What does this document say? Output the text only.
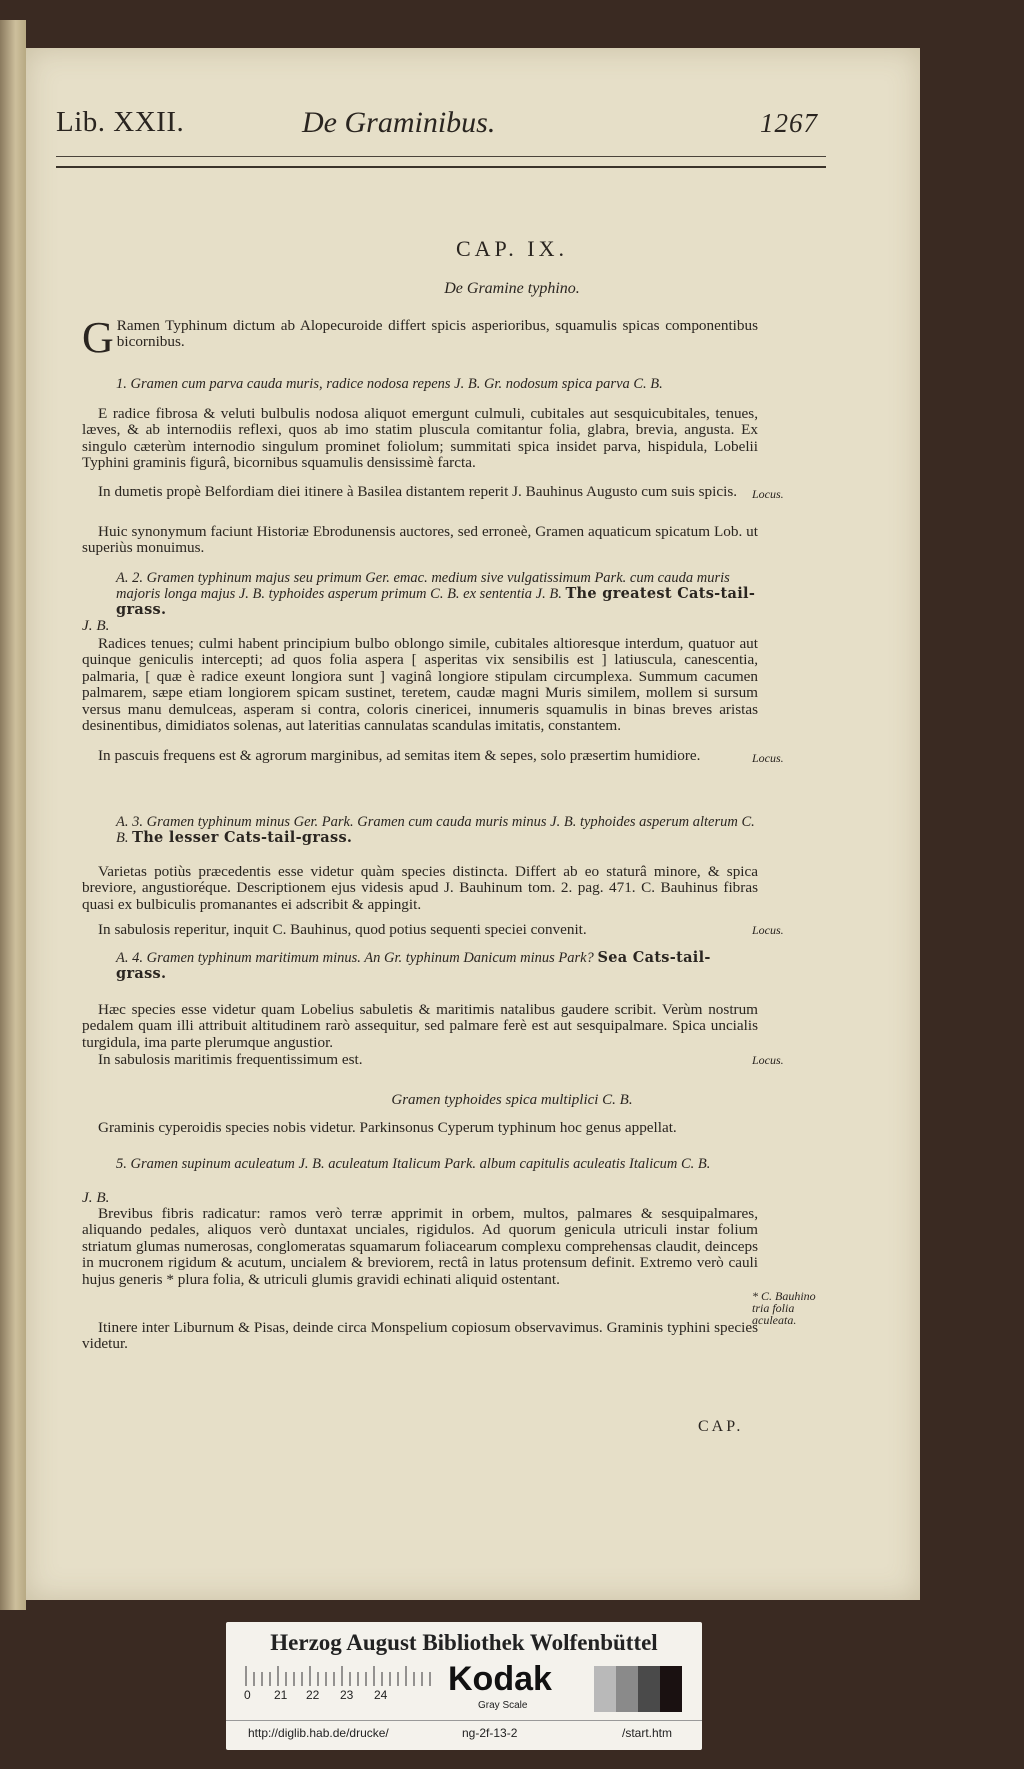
Lib. XXII.	De Graminibus.	1267
CAP. IX.
De Gramine typhino.
G Ramen Typhinum dictum ab Alopecuroide differt spicis asperioribus, squamulis spicas componentibus bicornibus.
1. Gramen cum parva cauda muris, radice nodosa repens J. B. Gr. nodosum spica parva C. B.
E radice fibrosa & veluti bulbulis nodosa aliquot emergunt culmuli, cubitales aut sesquicubitales, tenues, læves, & ab internodiis reflexi, quos ab imo statim plusculа comitantur folia, glabra, brevia, angusta. Ex singulo cæterùm internodio singulum prominet foliolum; summitati spica insidet parva, hispidula, Lobelii Typhini graminis figurâ, bicornibus squamulis densissimè farcta.
In dumetis propè Belfordiam diei itinere à Basilea distantem reperit J. Bauhinus Augusto cum suis spicis.	Locus.
Huic synonymum faciunt Historiæ Ebrodunensis auctores, sed erroneè, Gramen aquaticum spicatum Lob. ut superiùs monuimus.
A. 2. Gramen typhinum majus seu primum Ger. emac. medium sive vulgatissimum Park. cum cauda muris majoris longa majus J. B. typhoides asperum primum C. B. ex sententia J. B. The greatest Cats-tail-grass.
J. B.
Radices tenues; culmi habent principium bulbo oblongo simile, cubitales altioresque interdum, quatuor aut quinque geniculis intercepti; ad quos folia aspera [ asperitas vix sensibilis est ] latiuscula, canescentia, palmaria, [ quæ è radice exeunt longiora sunt ] vaginâ longiore stipulam circumplexa. Summum cacumen palmarem, sæpe etiam longiorem spicam sustinet, teretem, caudæ magni Muris similem, mollem si sursum versus manu demulceas, asperam si contra, coloris cinericei, innumeris squamulis in binas breves aristas desinentibus, dimidiatos solenas, aut lateritias cannulatas scandulas imitatis, constantem.
In pascuis frequens est & agrorum marginibus, ad semitas item & sepes, solo præsertim humidiore.	Locus.
A. 3. Gramen typhinum minus Ger. Park. Gramen cum cauda muris minus J. B. typhoides asperum alterum C. B. The lesser Cats-tail-grass.
Varietas potiùs præcedentis esse videtur quàm species distincta. Differt ab eo staturâ minore, & spica breviore, angustioréque. Descriptionem ejus videsis apud J. Bauhinum tom. 2. pag. 471. C. Bauhinus fibras quasi ex bulbiculis promanantes ei adscribit & appingit.
In sabulosis reperitur, inquit C. Bauhinus, quod potius sequenti speciei convenit.	Locus.
A. 4. Gramen typhinum maritimum minus. An Gr. typhinum Danicum minus Park? Sea Cats-tail-grass.
Hæc species esse videtur quam Lobelius sabuletis & maritimis natalibus gaudere scribit. Verùm nostrum pedalem quam illi attribuit altitudinem rarò assequitur, sed palmare ferè est aut sesquipalmare. Spica uncialis turgidula, ima parte plerumque angustior.
In sabulosis maritimis frequentissimum est.	Locus.
Gramen typhoides spica multiplici C. B.
Graminis cyperoidis species nobis videtur. Parkinsonus Cyperum typhinum hoc genus appellat.
5. Gramen supinum aculeatum J. B. aculeatum Italicum Park. album capitulis aculeatis Italicum C. B.
J. B.
Brevibus fibris radicatur: ramos verò terræ apprimit in orbem, multos, palmares & sesquipalmares, aliquando pedales, aliquos verò duntaxat unciales, rigidulos. Ad quorum genicula utriculi instar folium striatum glumas numerosas, conglomeratas squamarum foliacearum complexu comprehensas claudit, deinceps in mucronem rigidum & acutum, uncialem & breviorem, rectâ in latus protensum definit. Extremo verò cauli hujus generis * plura folia, & utriculi glumis gravidi echinati aliquid ostentant.
* C. Bauhino tria folia aculeata.
Itinere inter Liburnum & Pisas, deinde circa Monspelium copiosum observavimus. Graminis typhini species videtur.
CAP.
Herzog August Bibliothek Wolfenbüttel
0 21 22 23 24 Kodak
Gray Scale
http://diglib.hab.de/drucke/	ng-2f-13-2	/start.htm
